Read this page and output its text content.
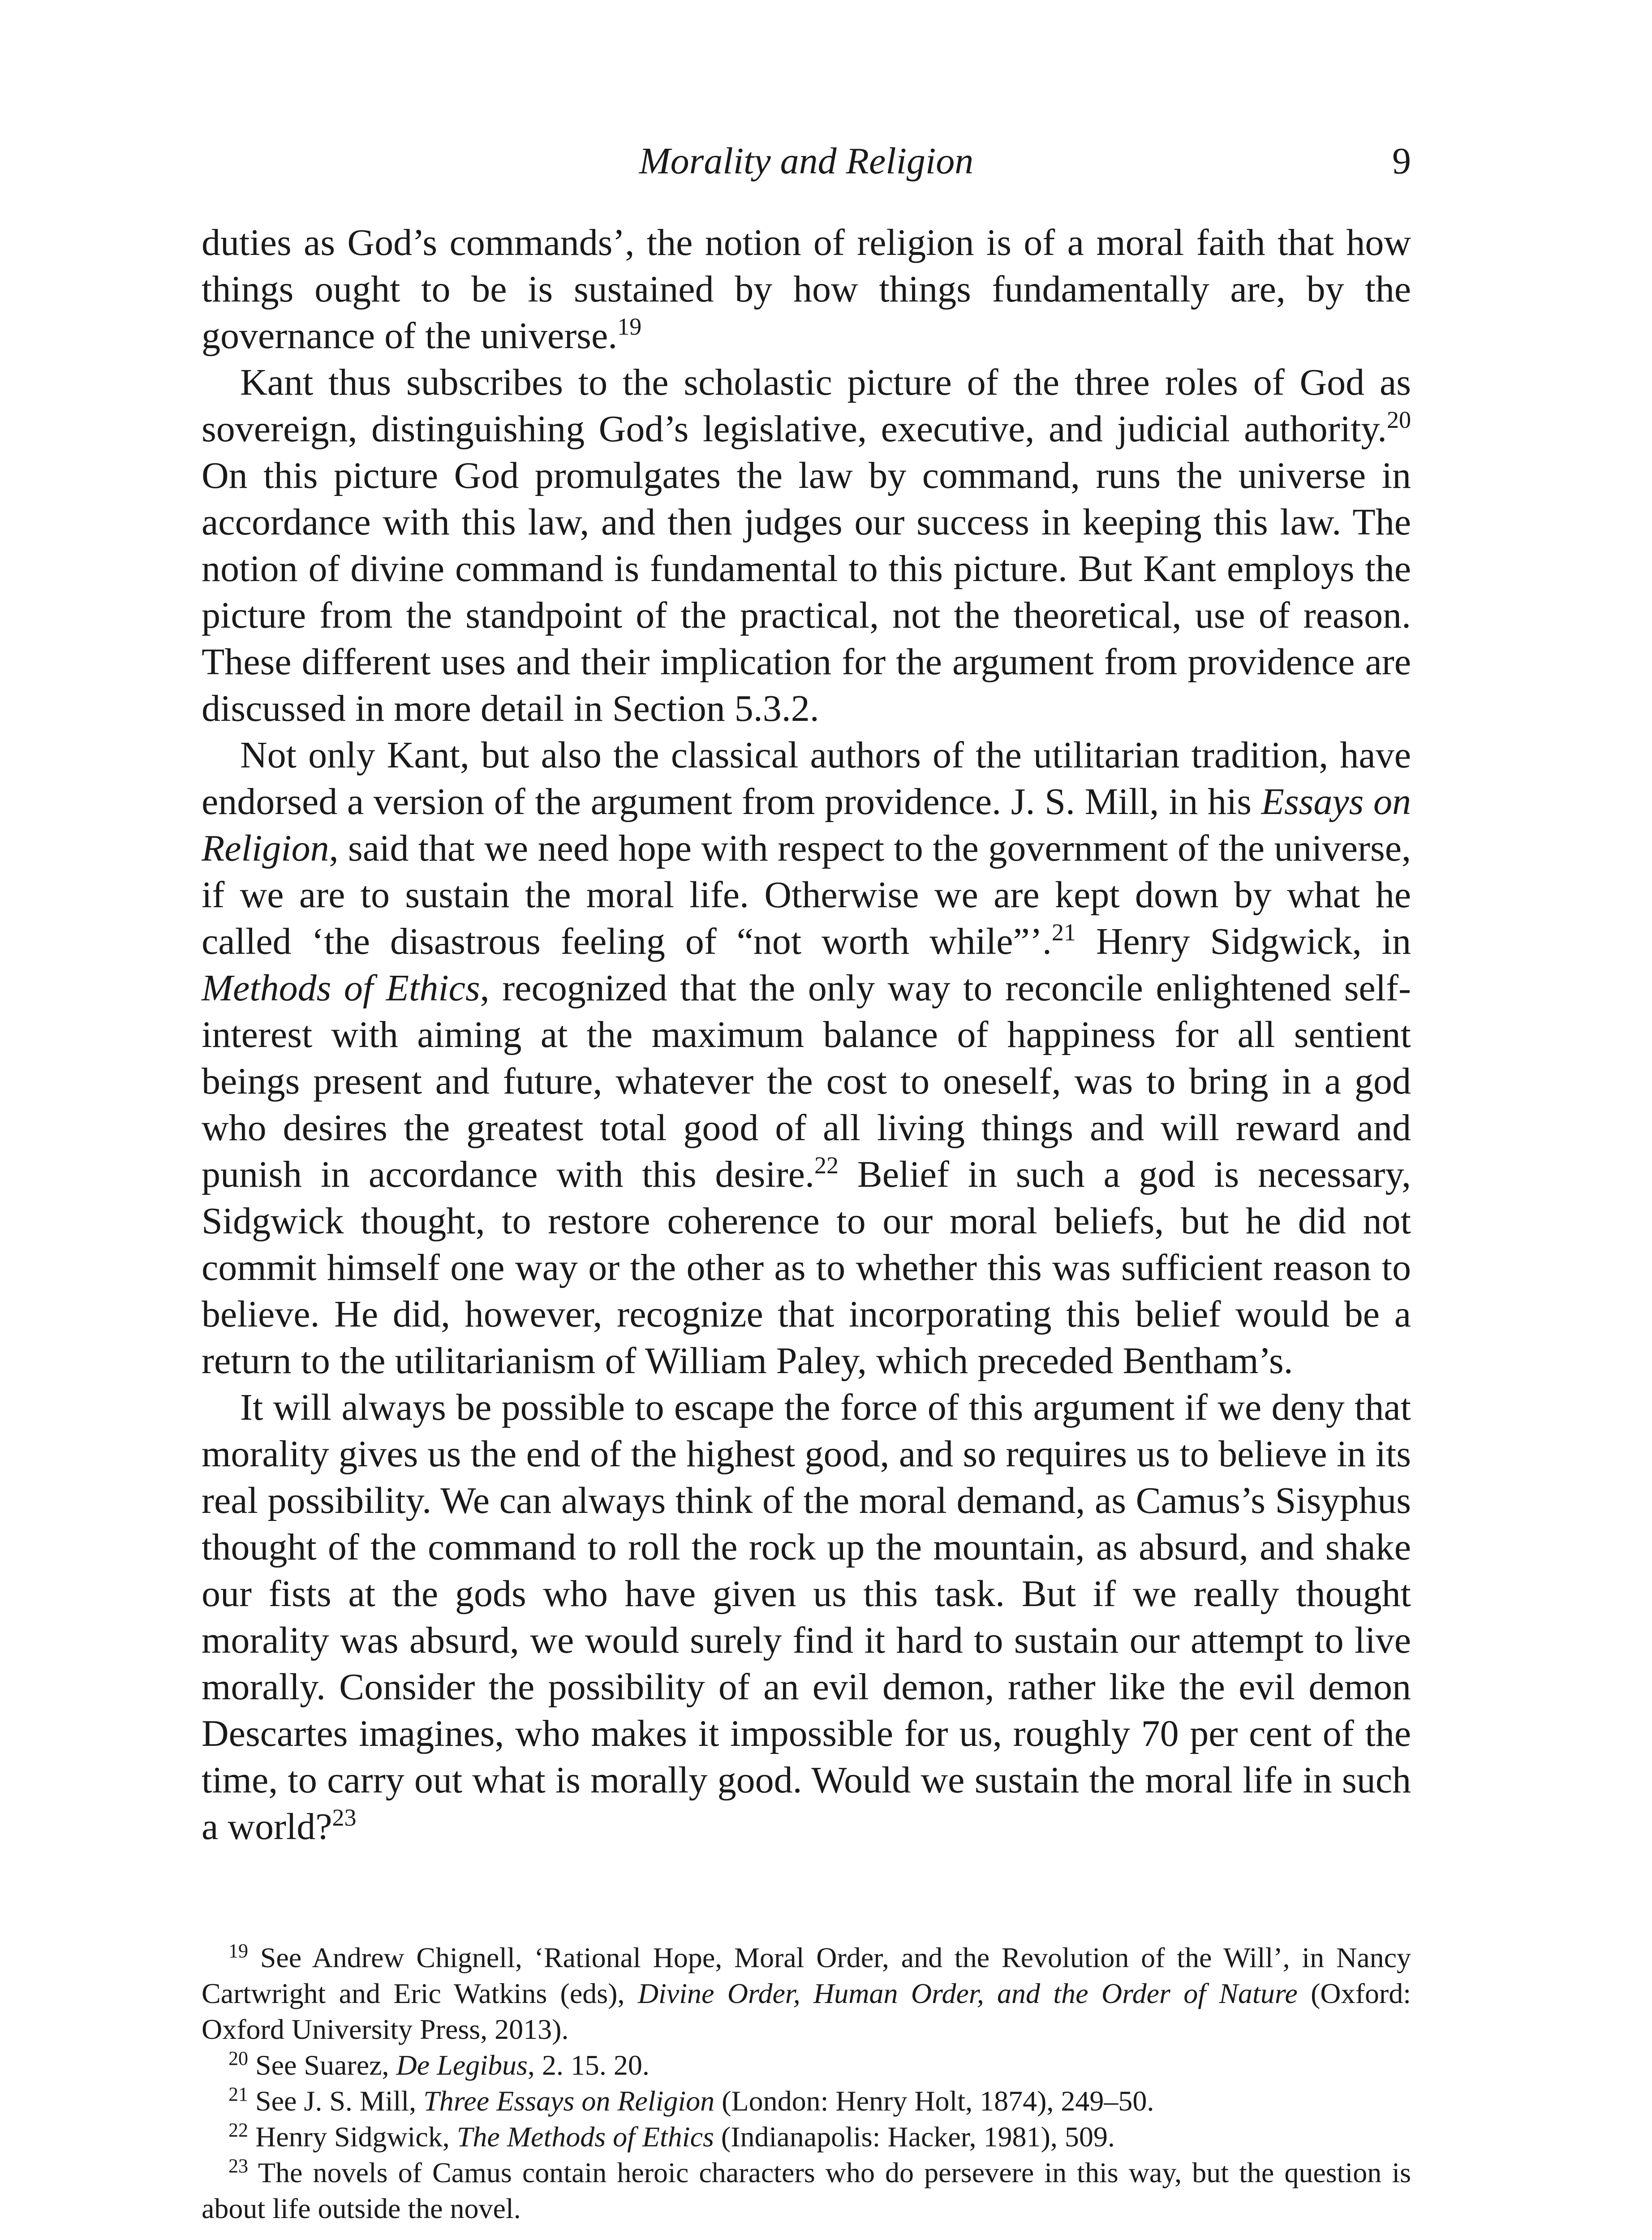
Morality and Religion	9

duties as God’s commands’, the notion of religion is of a moral faith that how things ought to be is sustained by how things fundamentally are, by the governance of the universe.$^{19}$

Kant thus subscribes to the scholastic picture of the three roles of God as sovereign, distinguishing God’s legislative, executive, and judicial authority.$^{20}$ On this picture God promulgates the law by command, runs the universe in accordance with this law, and then judges our success in keeping this law. The notion of divine command is fundamental to this picture. But Kant employs the picture from the standpoint of the practical, not the theoretical, use of reason. These different uses and their implication for the argument from providence are discussed in more detail in Section 5.3.2.

Not only Kant, but also the classical authors of the utilitarian tradition, have endorsed a version of the argument from providence. J. S. Mill, in his Essays on Religion, said that we need hope with respect to the government of the universe, if we are to sustain the moral life. Otherwise we are kept down by what he called ‘the disastrous feeling of “not worth while”’.$^{21}$ Henry Sidgwick, in Methods of Ethics, recognized that the only way to reconcile enlightened self-interest with aiming at the maximum balance of happiness for all sentient beings present and future, whatever the cost to oneself, was to bring in a god who desires the greatest total good of all living things and will reward and punish in accordance with this desire.$^{22}$ Belief in such a god is necessary, Sidgwick thought, to restore coherence to our moral beliefs, but he did not commit himself one way or the other as to whether this was sufficient reason to believe. He did, however, recognize that incorporating this belief would be a return to the utilitarianism of William Paley, which preceded Bentham’s.

It will always be possible to escape the force of this argument if we deny that morality gives us the end of the highest good, and so requires us to believe in its real possibility. We can always think of the moral demand, as Camus’s Sisyphus thought of the command to roll the rock up the mountain, as absurd, and shake our fists at the gods who have given us this task. But if we really thought morality was absurd, we would surely find it hard to sustain our attempt to live morally. Consider the possibility of an evil demon, rather like the evil demon Descartes imagines, who makes it impossible for us, roughly 70 per cent of the time, to carry out what is morally good. Would we sustain the moral life in such a world?$^{23}$

$^{19}$ See Andrew Chignell, ‘Rational Hope, Moral Order, and the Revolution of the Will’, in Nancy Cartwright and Eric Watkins (eds), Divine Order, Human Order, and the Order of Nature (Oxford: Oxford University Press, 2013).

$^{20}$ See Suarez, De Legibus, 2. 15. 20.

$^{21}$ See J. S. Mill, Three Essays on Religion (London: Henry Holt, 1874), 249–50.

$^{22}$ Henry Sidgwick, The Methods of Ethics (Indianapolis: Hacker, 1981), 509.

$^{23}$ The novels of Camus contain heroic characters who do persevere in this way, but the question is about life outside the novel.
